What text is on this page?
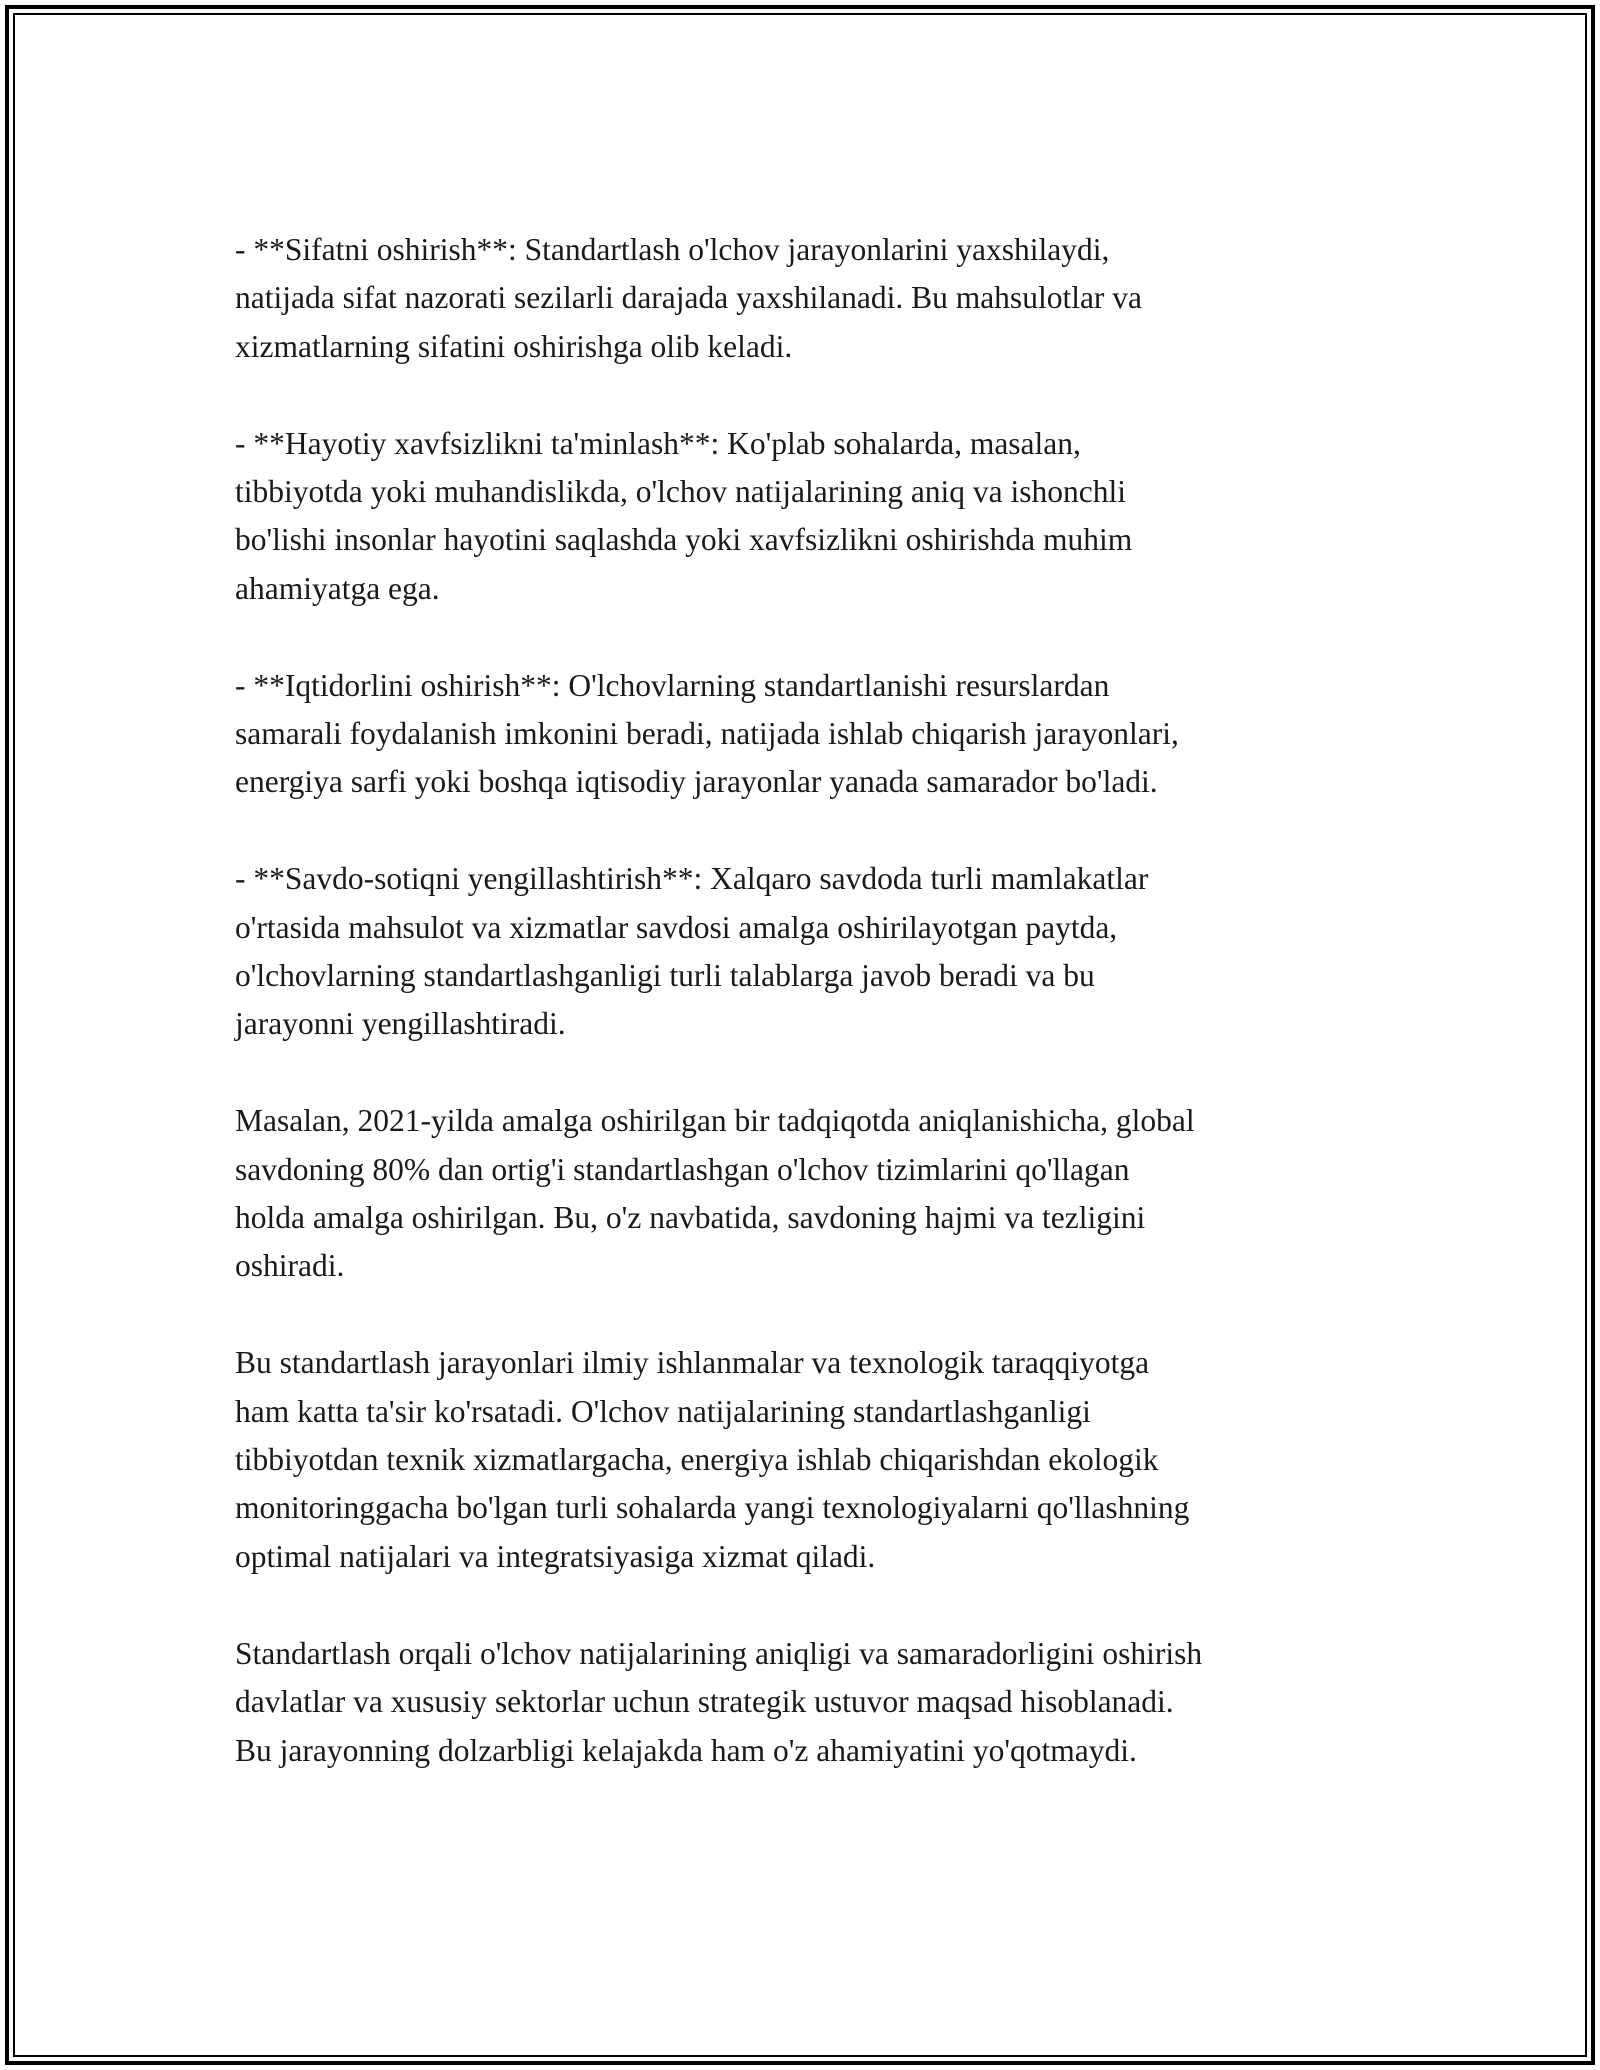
- **Sifatni oshirish**: Standartlash o'lchov jarayonlarini yaxshilaydi,
natijada sifat nazorati sezilarli darajada yaxshilanadi. Bu mahsulotlar va
xizmatlarning sifatini oshirishga olib keladi.

- **Hayotiy xavfsizlikni ta'minlash**: Ko'plab sohalarda, masalan,
tibbiyotda yoki muhandislikda, o'lchov natijalarining aniq va ishonchli
bo'lishi insonlar hayotini saqlashda yoki xavfsizlikni oshirishda muhim
ahamiyatga ega.

- **Iqtidorlini oshirish**: O'lchovlarning standartlanishi resurslardan
samarali foydalanish imkonini beradi, natijada ishlab chiqarish jarayonlari,
energiya sarfi yoki boshqa iqtisodiy jarayonlar yanada samarador bo'ladi.

- **Savdo-sotiqni yengillashtirish**: Xalqaro savdoda turli mamlakatlar
o'rtasida mahsulot va xizmatlar savdosi amalga oshirilayotgan paytda,
o'lchovlarning standartlashganligi turli talablarga javob beradi va bu
jarayonni yengillashtiradi.

Masalan, 2021-yilda amalga oshirilgan bir tadqiqotda aniqlanishicha, global
savdoning 80% dan ortig'i standartlashgan o'lchov tizimlarini qo'llagan
holda amalga oshirilgan. Bu, o'z navbatida, savdoning hajmi va tezligini
oshiradi.

Bu standartlash jarayonlari ilmiy ishlanmalar va texnologik taraqqiyotga
ham katta ta'sir ko'rsatadi. O'lchov natijalarining standartlashganligi
tibbiyotdan texnik xizmatlargacha, energiya ishlab chiqarishdan ekologik
monitoringgacha bo'lgan turli sohalarda yangi texnologiyalarni qo'llashning
optimal natijalari va integratsiyasiga xizmat qiladi.

Standartlash orqali o'lchov natijalarining aniqligi va samaradorligini oshirish
davlatlar va xususiy sektorlar uchun strategik ustuvor maqsad hisoblanadi.
Bu jarayonning dolzarbligi kelajakda ham o'z ahamiyatini yo'qotmaydi.
